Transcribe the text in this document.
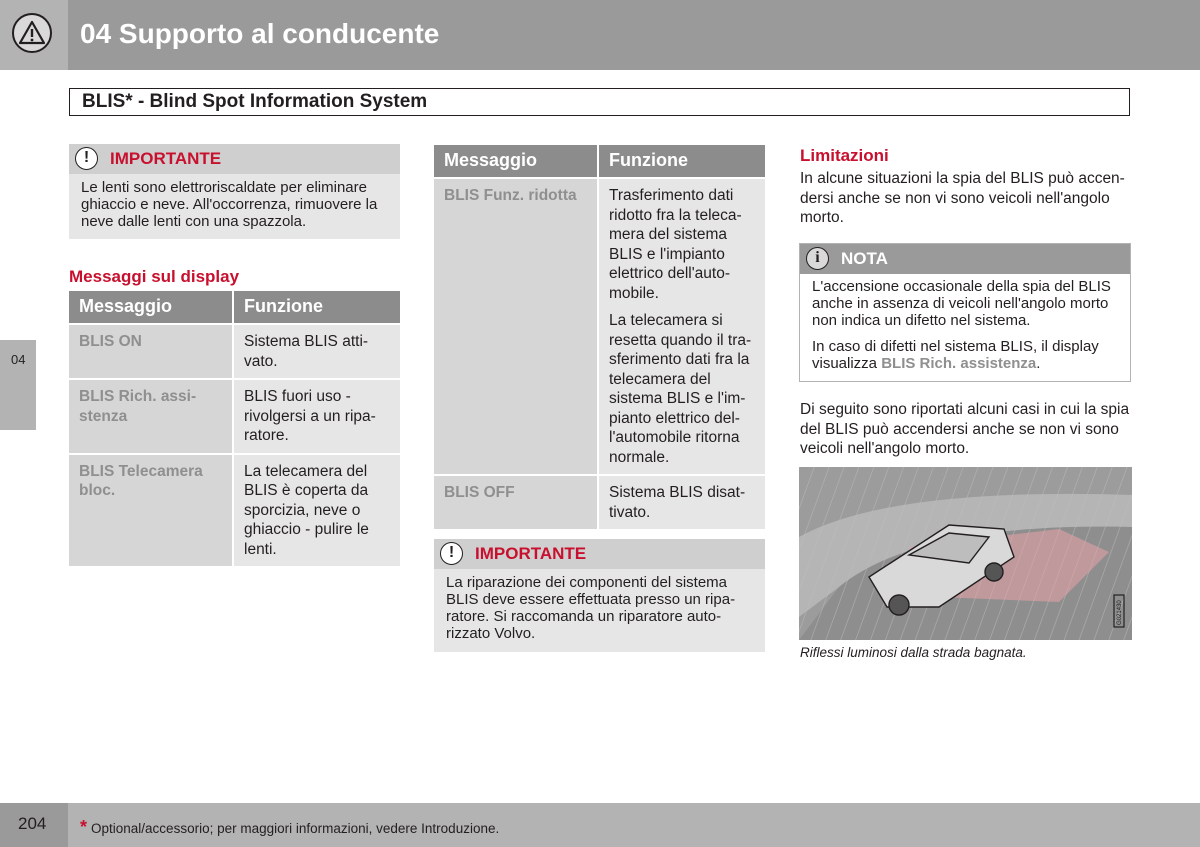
04 Supporto al conducente
BLIS* - Blind Spot Information System
04
!	IMPORTANTE
Le lenti sono elettroriscaldate per eliminare ghiaccio e neve. All'occorrenza, rimuovere la neve dalle lenti con una spazzola.
Messaggi sul display
Messaggio	Funzione
BLIS ON	Sistema BLIS atti-vato.
BLIS Rich. assi-stenza	BLIS fuori uso - rivolgersi a un ripa-ratore.
BLIS Telecamera bloc.	La telecamera del BLIS è coperta da sporcizia, neve o ghiaccio - pulire le lenti.
Messaggio	Funzione
BLIS Funz. ridotta	Trasferimento dati ridotto fra la teleca-mera del sistema BLIS e l'impianto elettrico dell'auto-mobile.

La telecamera si resetta quando il tra-sferimento dati fra la telecamera del sistema BLIS e l'im-pianto elettrico del-l'automobile ritorna normale.

BLIS OFF	Sistema BLIS disat-tivato.
!	IMPORTANTE
La riparazione dei componenti del sistema BLIS deve essere effettuata presso un ripa-ratore. Si raccomanda un riparatore auto-rizzato Volvo.
Limitazioni
In alcune situazioni la spia del BLIS può accen-dersi anche se non vi sono veicoli nell'angolo morto.
i	NOTA
L'accensione occasionale della spia del BLIS anche in assenza di veicoli nell'angolo morto non indica un difetto nel sistema.
In caso di difetti nel sistema BLIS, il display visualizza BLIS Rich. assistenza.
Di seguito sono riportati alcuni casi in cui la spia del BLIS può accendersi anche se non vi sono veicoli nell'angolo morto.
G021430
Riflessi luminosi dalla strada bagnata.
204 * Optional/accessorio; per maggiori informazioni, vedere Introduzione.
